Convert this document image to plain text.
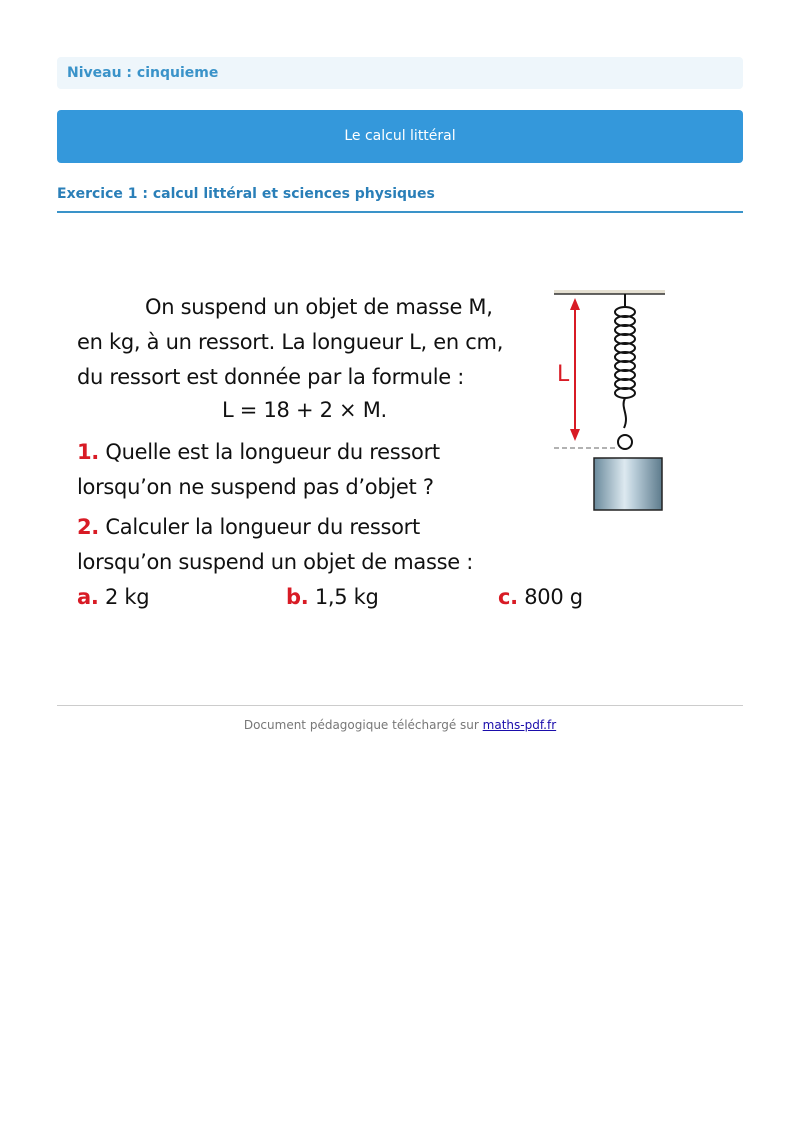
Niveau : cinquieme
Le calcul littéral
Exercice 1 : calcul littéral et sciences physiques
On suspend un objet de masse M,
en kg, à un ressort. La longueur L, en cm,
du ressort est donnée par la formule :
L = 18 + 2 × M.
1. Quelle est la longueur du ressort
lorsqu’on ne suspend pas d’objet ?
2. Calculer la longueur du ressort
lorsqu’on suspend un objet de masse :
a. 2 kg	b. 1,5 kg	c. 800 g
L
Document pédagogique téléchargé sur maths-pdf.fr
